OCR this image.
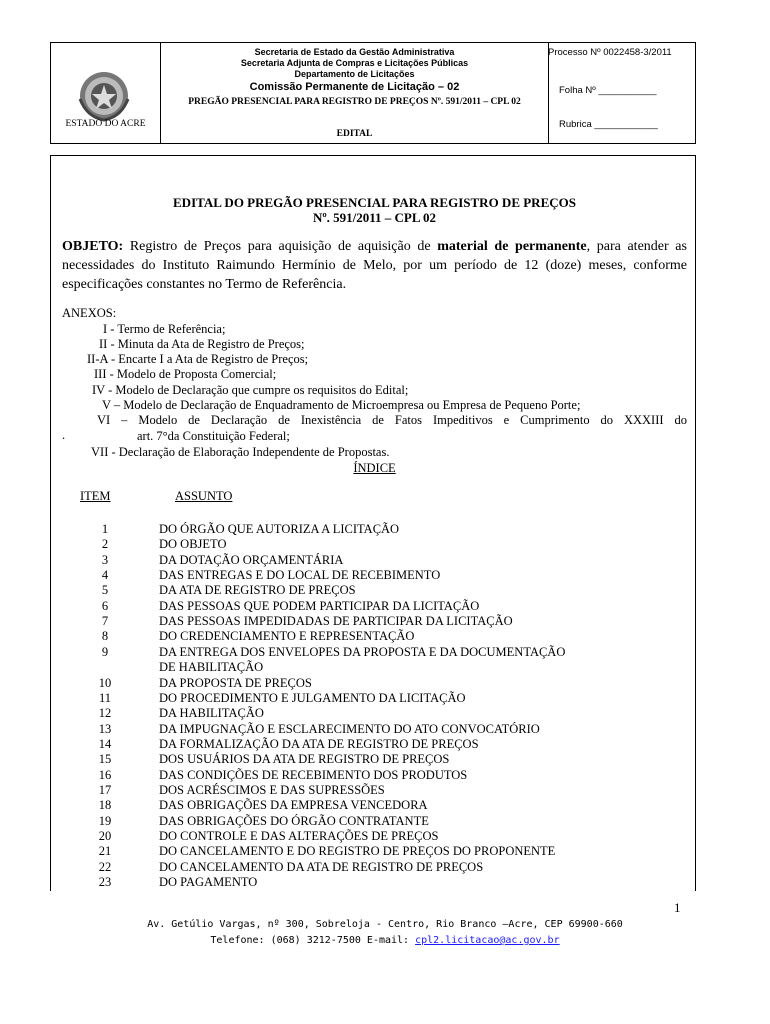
ESTADO DO ACRE
Secretaria de Estado da Gestão Administrativa
Secretaria Adjunta de Compras e Licitações Públicas
Departamento de Licitações
Comissão Permanente de Licitação – 02
PREGÃO PRESENCIAL PARA REGISTRO DE PREÇOS Nº. 591/2011 – CPL 02
EDITAL
Processo Nº 0022458-3/2011
Folha Nº ___________
Rubrica ____________
EDITAL DO PREGÃO PRESENCIAL PARA REGISTRO DE PREÇOS
Nº. 591/2011 – CPL 02
OBJETO: Registro de Preços para aquisição de aquisição de material de permanente, para atender as necessidades do Instituto Raimundo Hermínio de Melo, por um período de 12 (doze) meses, conforme especificações constantes no Termo de Referência.
ANEXOS:
I - Termo de Referência;
II - Minuta da Ata de Registro de Preços;
II-A - Encarte I a Ata de Registro de Preços;
III - Modelo de Proposta Comercial;
IV - Modelo de Declaração que cumpre os requisitos do Edital;
V – Modelo de Declaração de Enquadramento de Microempresa ou Empresa de Pequeno Porte;
VI – Modelo de Declaração de Inexistência de Fatos Impeditivos e Cumprimento do XXXIII do
.	art. 7°da Constituição Federal;
VII - Declaração de Elaboração Independente de Propostas.
ÍNDICE
ITEM	ASSUNTO
1	DO ÓRGÃO QUE AUTORIZA A LICITAÇÃO
2	DO OBJETO
3	DA DOTAÇÃO ORÇAMENTÁRIA
4	DAS ENTREGAS E DO LOCAL DE RECEBIMENTO
5	DA ATA DE REGISTRO DE PREÇOS
6	DAS PESSOAS QUE PODEM PARTICIPAR DA LICITAÇÃO
7	DAS PESSOAS IMPEDIDADAS DE PARTICIPAR DA LICITAÇÃO
8	DO CREDENCIAMENTO E REPRESENTAÇÃO
9	DA ENTREGA DOS ENVELOPES DA PROPOSTA E DA DOCUMENTAÇÃO
DE HABILITAÇÃO
10	DA PROPOSTA DE PREÇOS
11	DO PROCEDIMENTO E JULGAMENTO DA LICITAÇÃO
12	DA HABILITAÇÃO
13	DA IMPUGNAÇÃO E ESCLARECIMENTO DO ATO CONVOCATÓRIO
14	DA FORMALIZAÇÃO DA ATA DE REGISTRO DE PREÇOS
15	DOS USUÁRIOS DA ATA DE REGISTRO DE PREÇOS
16	DAS CONDIÇÕES DE RECEBIMENTO DOS PRODUTOS
17	DOS ACRÉSCIMOS E DAS SUPRESSÕES
18	DAS OBRIGAÇÕES DA EMPRESA VENCEDORA
19	DAS OBRIGAÇÕES DO ÓRGÃO CONTRATANTE
20	DO CONTROLE E DAS ALTERAÇÕES DE PREÇOS
21	DO CANCELAMENTO E DO REGISTRO DE PREÇOS DO PROPONENTE
22	DO CANCELAMENTO DA ATA DE REGISTRO DE PREÇOS
23	DO PAGAMENTO
1
Av. Getúlio Vargas, nº 300, Sobreloja - Centro, Rio Branco –Acre, CEP 69900-660
Telefone: (068) 3212-7500 E-mail: cpl2.licitacao@ac.gov.br
